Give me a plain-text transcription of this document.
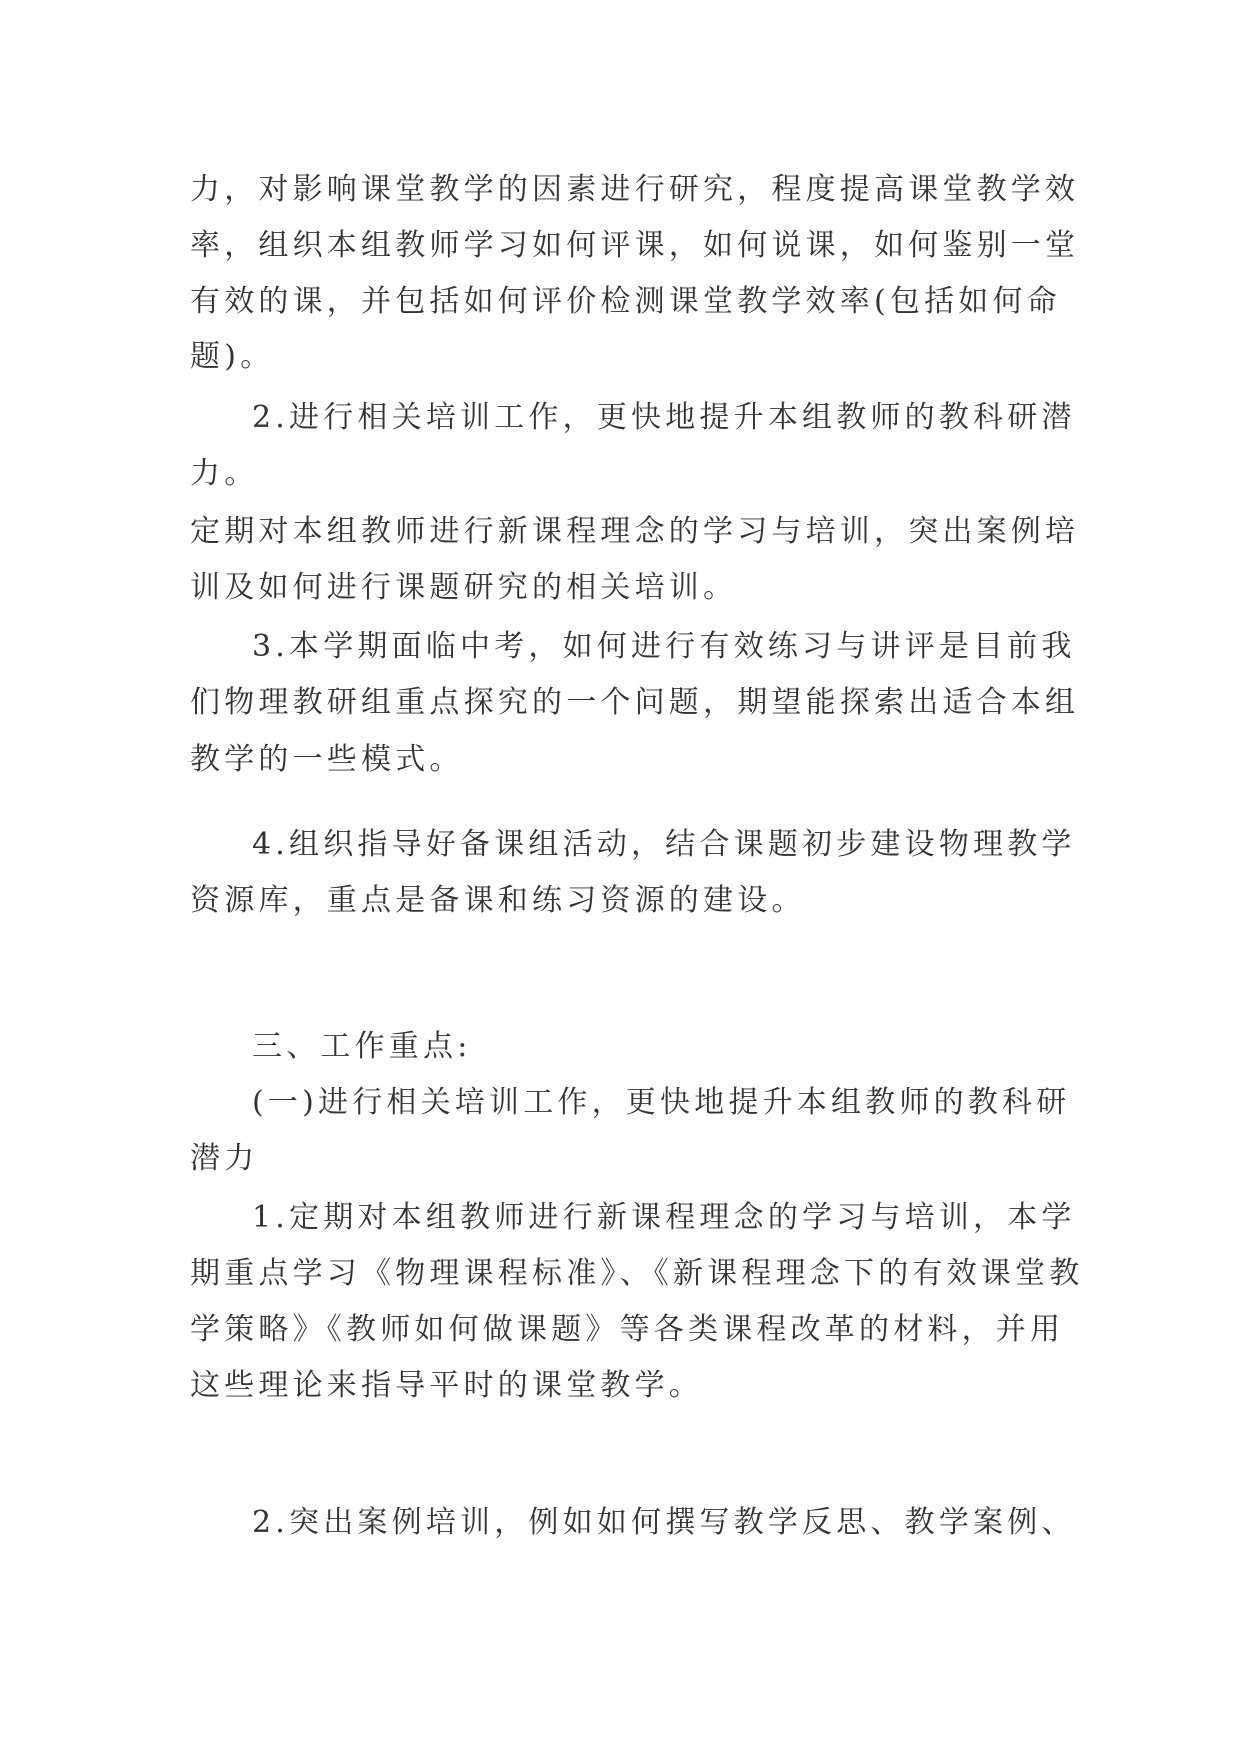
力，对影响课堂教学的因素进行研究，程度提高课堂教学效
率，组织本组教师学习如何评课，如何说课，如何鉴别一堂
有效的课，并包括如何评价检测课堂教学效率(包括如何命
题)。
2.进行相关培训工作，更快地提升本组教师的教科研潜
力。
定期对本组教师进行新课程理念的学习与培训，突出案例培
训及如何进行课题研究的相关培训。
3.本学期面临中考，如何进行有效练习与讲评是目前我
们物理教研组重点探究的一个问题，期望能探索出适合本组
教学的一些模式。
4.组织指导好备课组活动，结合课题初步建设物理教学
资源库，重点是备课和练习资源的建设。
三、工作重点:
(一)进行相关培训工作，更快地提升本组教师的教科研
潜力
1.定期对本组教师进行新课程理念的学习与培训，本学
期重点学习《物理课程标准》、《新课程理念下的有效课堂教
学策略》《教师如何做课题》等各类课程改革的材料，并用
这些理论来指导平时的课堂教学。
2.突出案例培训，例如如何撰写教学反思、教学案例、
